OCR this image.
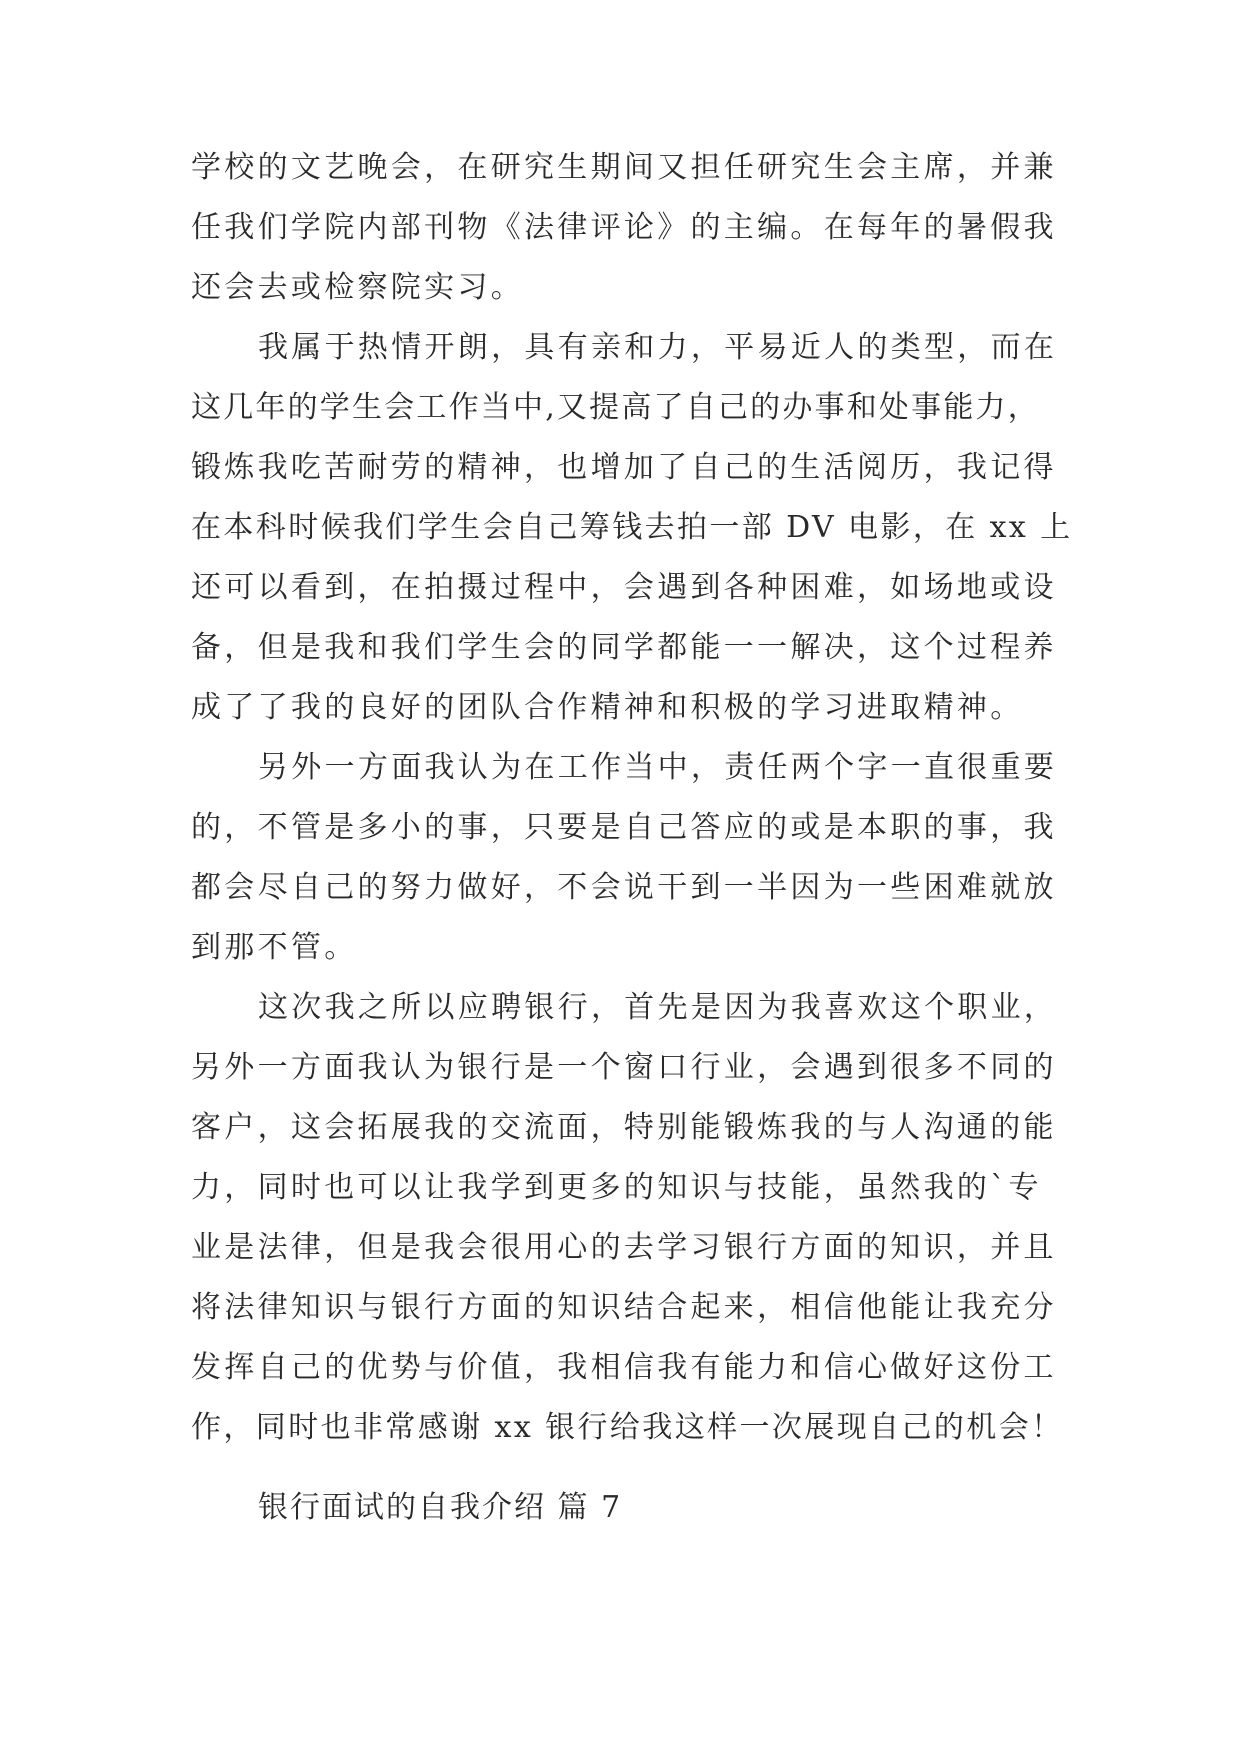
学校的文艺晚会，在研究生期间又担任研究生会主席，并兼
任我们学院内部刊物《法律评论》的主编。在每年的暑假我
还会去或检察院实习。
我属于热情开朗，具有亲和力，平易近人的类型，而在
这几年的学生会工作当中,又提高了自己的办事和处事能力，
锻炼我吃苦耐劳的精神，也增加了自己的生活阅历，我记得
在本科时候我们学生会自己筹钱去拍一部 DV 电影，在 xx 上
还可以看到，在拍摄过程中，会遇到各种困难，如场地或设
备，但是我和我们学生会的同学都能一一解决，这个过程养
成了了我的良好的团队合作精神和积极的学习进取精神。
另外一方面我认为在工作当中，责任两个字一直很重要
的，不管是多小的事，只要是自己答应的或是本职的事，我
都会尽自己的努力做好，不会说干到一半因为一些困难就放
到那不管。
这次我之所以应聘银行，首先是因为我喜欢这个职业，
另外一方面我认为银行是一个窗口行业，会遇到很多不同的
客户，这会拓展我的交流面，特别能锻炼我的与人沟通的能
力，同时也可以让我学到更多的知识与技能，虽然我的`专
业是法律，但是我会很用心的去学习银行方面的知识，并且
将法律知识与银行方面的知识结合起来，相信他能让我充分
发挥自己的优势与价值，我相信我有能力和信心做好这份工
作，同时也非常感谢 xx 银行给我这样一次展现自己的机会！
银行面试的自我介绍 篇 7
